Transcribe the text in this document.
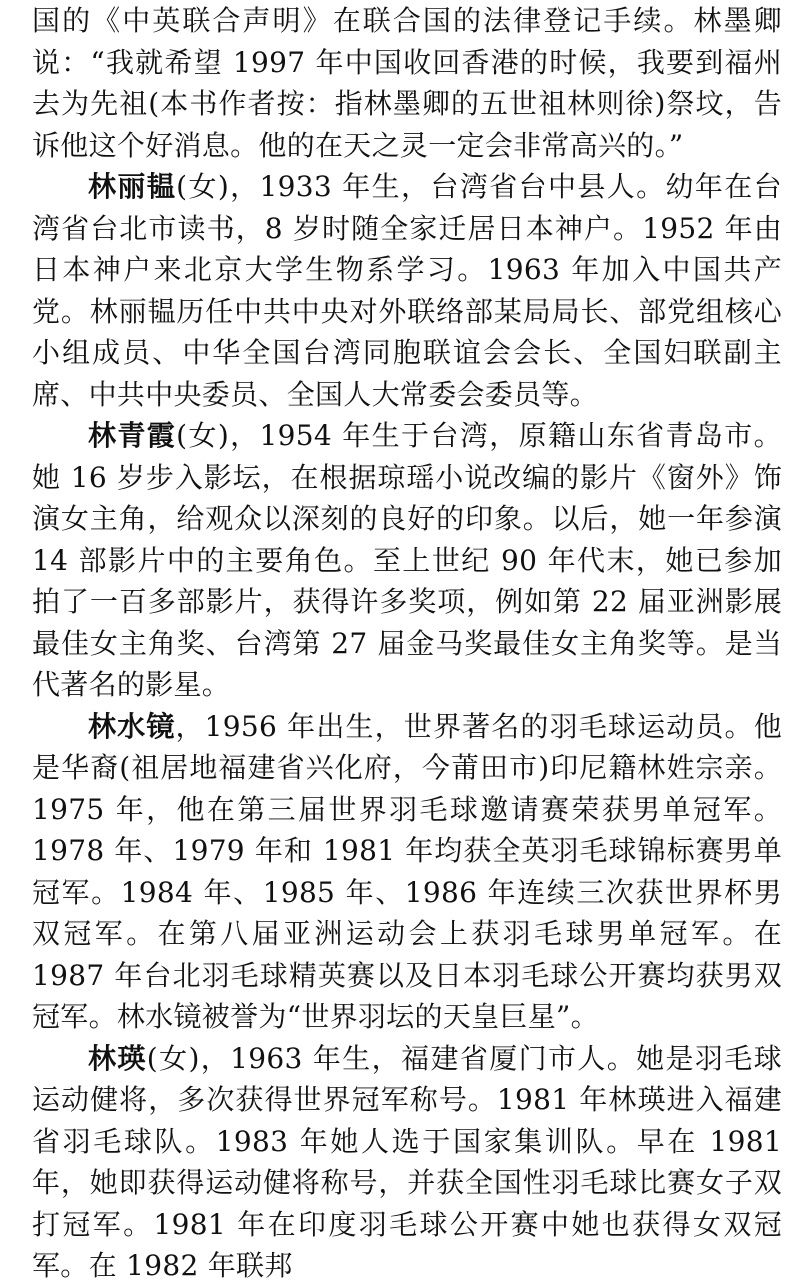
国的《中英联合声明》在联合国的法律登记手续。林墨卿说：“我就希望 1997 年中国收回香港的时候，我要到福州去为先祖(本书作者按：指林墨卿的五世祖林则徐)祭坟，告诉他这个好消息。他的在天之灵一定会非常高兴的。”

林丽韫(女)，1933 年生，台湾省台中县人。幼年在台湾省台北市读书，8 岁时随全家迁居日本神户。1952 年由日本神户来北京大学生物系学习。1963 年加入中国共产党。林丽韫历任中共中央对外联络部某局局长、部党组核心小组成员、中华全国台湾同胞联谊会会长、全国妇联副主席、中共中央委员、全国人大常委会委员等。

林青霞(女)，1954 年生于台湾，原籍山东省青岛市。她 16 岁步入影坛，在根据琼瑶小说改编的影片《窗外》饰演女主角，给观众以深刻的良好的印象。以后，她一年参演 14 部影片中的主要角色。至上世纪 90 年代末，她已参加拍了一百多部影片，获得许多奖项，例如第 22 届亚洲影展最佳女主角奖、台湾第 27 届金马奖最佳女主角奖等。是当代著名的影星。

林水镜，1956 年出生，世界著名的羽毛球运动员。他是华裔(祖居地福建省兴化府，今莆田市)印尼籍林姓宗亲。1975 年，他在第三届世界羽毛球邀请赛荣获男单冠军。1978 年、1979 年和 1981 年均获全英羽毛球锦标赛男单冠军。1984 年、1985 年、1986 年连续三次获世界杯男双冠军。在第八届亚洲运动会上获羽毛球男单冠军。在 1987 年台北羽毛球精英赛以及日本羽毛球公开赛均获男双冠军。林水镜被誉为“世界羽坛的天皇巨星”。

林瑛(女)，1963 年生，福建省厦门市人。她是羽毛球运动健将，多次获得世界冠军称号。1981 年林瑛进入福建省羽毛球队。1983 年她人选于国家集训队。早在 1981 年，她即获得运动健将称号，并获全国性羽毛球比赛女子双打冠军。1981 年在印度羽毛球公开赛中她也获得女双冠军。在 1982 年联邦
